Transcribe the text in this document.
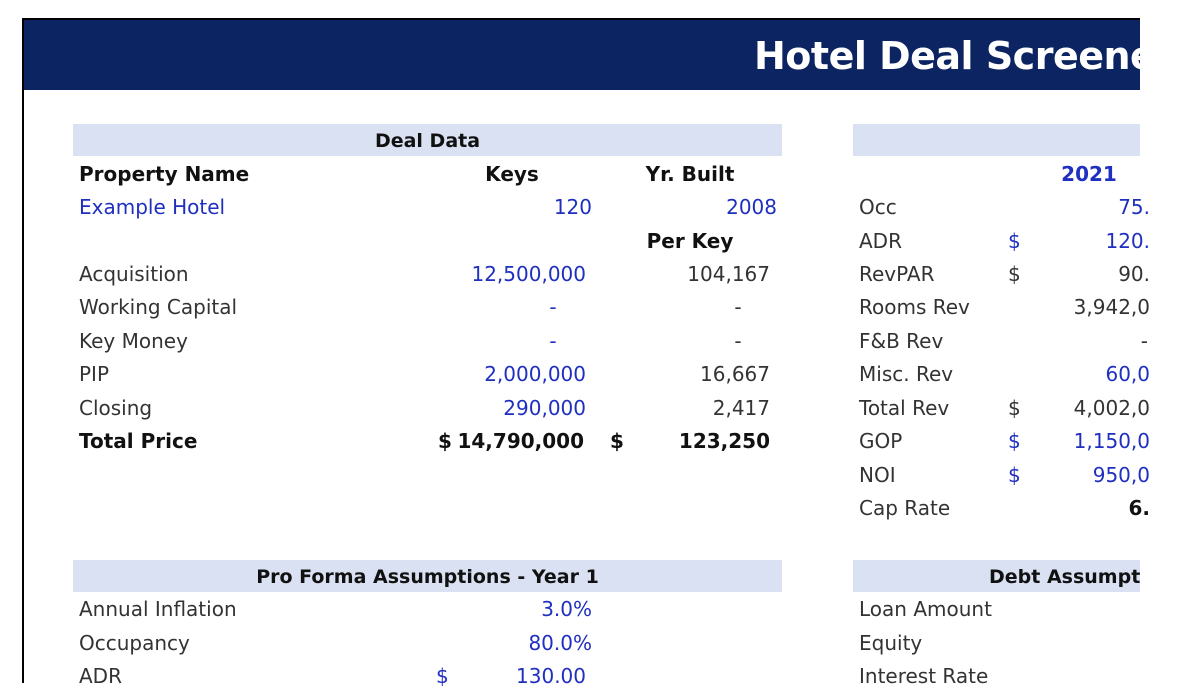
Hotel Deal Screener -
Deal Data
Property Name	Keys	Yr. Built
Example Hotel	120	2008
Per Key
Acquisition	12,500,000	104,167
Working Capital	-	-
Key Money	-	-
PIP	2,000,000	16,667
Closing	290,000	2,417
Total Price	$ 14,790,000 $	123,250
2021
Occ	75.
ADR	$	120.
RevPAR	$	90.
Rooms Rev	3,942,0
F&B Rev	-
Misc. Rev	60,0
Total Rev	$	4,002,0
GOP	$	1,150,0
NOI	$	950,0
Cap Rate	6.
Pro Forma Assumptions - Year 1
Annual Inflation	3.0%
Occupancy	80.0%
ADR	$	130.00
Debt Assumpt
Loan Amount
Equity
Interest Rate
